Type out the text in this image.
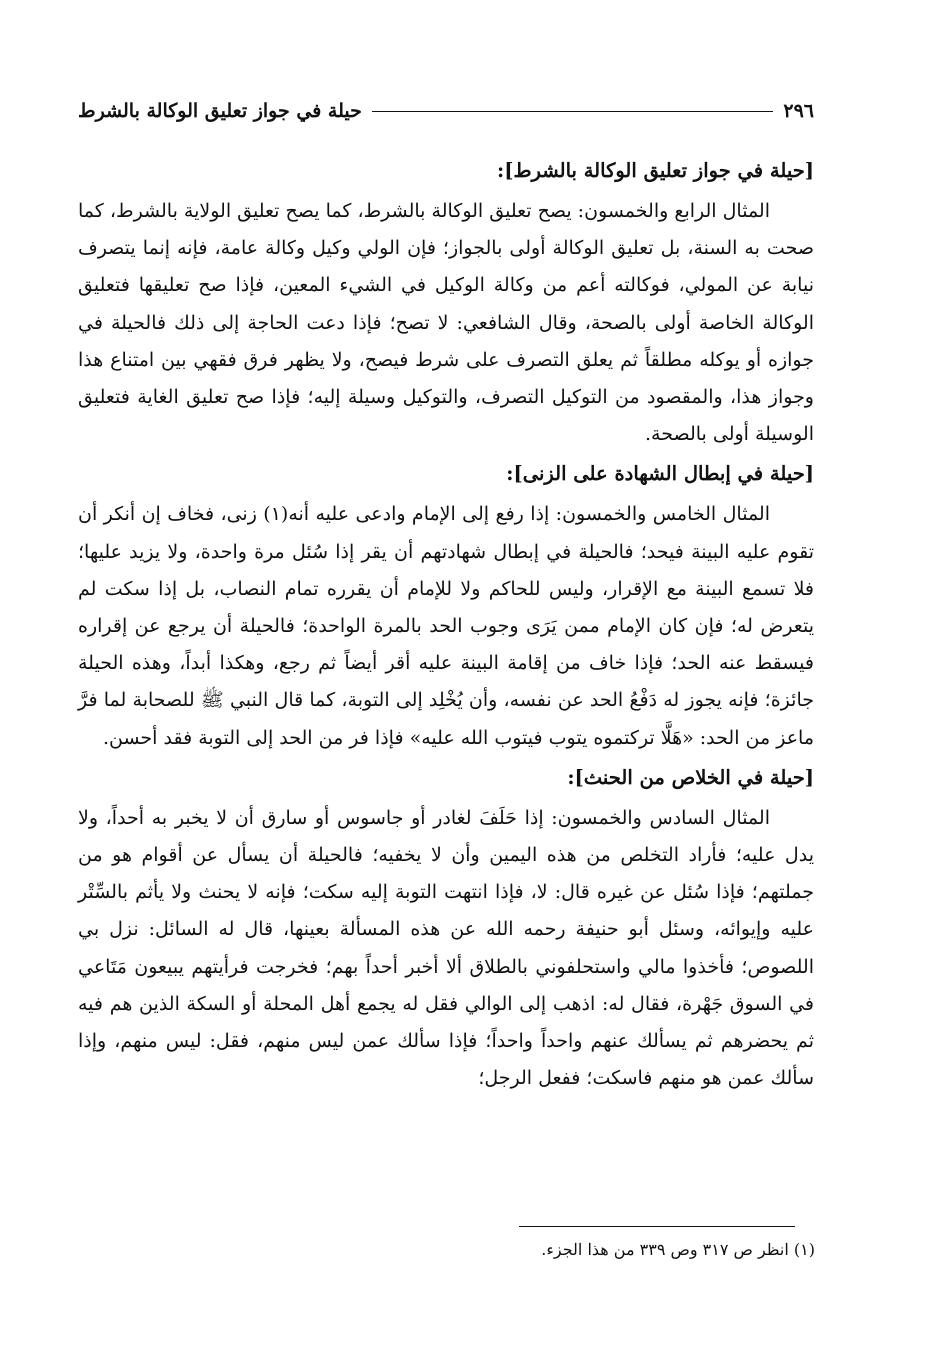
٢٩٦
حيلة في جواز تعليق الوكالة بالشرط
[حيلة في جواز تعليق الوكالة بالشرط]:

المثال الرابع والخمسون: يصح تعليق الوكالة بالشرط، كما يصح تعليق الولاية بالشرط، كما صحت به السنة، بل تعليق الوكالة أولى بالجواز؛ فإن الولي وكيل وكالة عامة، فإنه إنما يتصرف نيابة عن المولي، فوكالته أعم من وكالة الوكيل في الشيء المعين، فإذا صح تعليقها فتعليق الوكالة الخاصة أولى بالصحة، وقال الشافعي: لا تصح؛ فإذا دعت الحاجة إلى ذلك فالحيلة في جوازه أو يوكله مطلقاً ثم يعلق التصرف على شرط فيصح، ولا يظهر فرق فقهي بين امتناع هذا وجواز هذا، والمقصود من التوكيل التصرف، والتوكيل وسيلة إليه؛ فإذا صح تعليق الغاية فتعليق الوسيلة أولى بالصحة.

[حيلة في إبطال الشهادة على الزنى]:

المثال الخامس والخمسون: إذا رفع إلى الإمام وادعى عليه أنه(١) زنى، فخاف إن أنكر أن تقوم عليه البينة فيحد؛ فالحيلة في إبطال شهادتهم أن يقر إذا سُئل مرة واحدة، ولا يزيد عليها؛ فلا تسمع البينة مع الإقرار، وليس للحاكم ولا للإمام أن يقرره تمام النصاب، بل إذا سكت لم يتعرض له؛ فإن كان الإمام ممن يَرَى وجوب الحد بالمرة الواحدة؛ فالحيلة أن يرجع عن إقراره فيسقط عنه الحد؛ فإذا خاف من إقامة البينة عليه أقر أيضاً ثم رجع، وهكذا أبداً، وهذه الحيلة جائزة؛ فإنه يجوز له دَفْعُ الحد عن نفسه، وأن يُخْلِد إلى التوبة، كما قال النبي ﷺ للصحابة لما فرَّ ماعز من الحد: «هَلَّا تركتموه يتوب فيتوب الله عليه» فإذا فر من الحد إلى التوبة فقد أحسن.

[حيلة في الخلاص من الحنث]:

المثال السادس والخمسون: إذا حَلَفَ لغادر أو جاسوس أو سارق أن لا يخبر به أحداً، ولا يدل عليه؛ فأراد التخلص من هذه اليمين وأن لا يخفيه؛ فالحيلة أن يسأل عن أقوام هو من جملتهم؛ فإذا سُئل عن غيره قال: لا، فإذا انتهت التوبة إليه سكت؛ فإنه لا يحنث ولا يأثم بالسِّتْر عليه وإيوائه، وسئل أبو حنيفة رحمه الله عن هذه المسألة بعينها، قال له السائل: نزل بي اللصوص؛ فأخذوا مالي واستحلفوني بالطلاق ألا أخبر أحداً بهم؛ فخرجت فرأيتهم يبيعون مَتَاعي في السوق جَهْرة، فقال له: اذهب إلى الوالي فقل له يجمع أهل المحلة أو السكة الذين هم فيه ثم يحضرهم ثم يسألك عنهم واحداً واحداً؛ فإذا سألك عمن ليس منهم، فقل: ليس منهم، وإذا سألك عمن هو منهم فاسكت؛ ففعل الرجل؛

(١) انظر ص ٣١٧ وص ٣٣٩ من هذا الجزء.
